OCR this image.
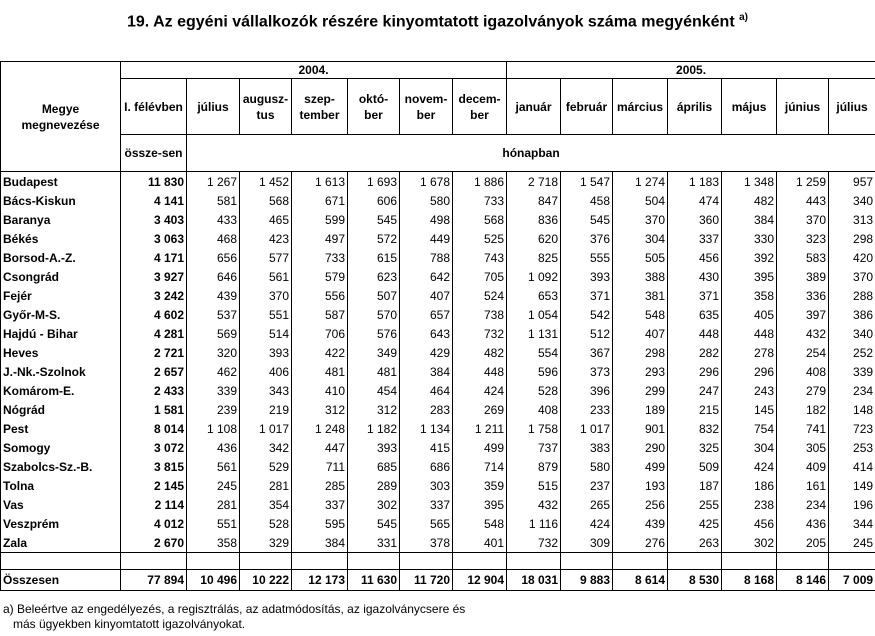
19. Az egyéni vállalkozók részére kinyomtatott igazolványok száma megyénként $^{a)}$
Megye megnevezése	2004.							2005.						
	I. félévben	július	augusz-tus	szep-tember	októ-ber	novem-ber	decem-ber	január	február	március	április	május	június	július
	össze-sen	hónapban												
Budapest	11 830	1 267	1 452	1 613	1 693	1 678	1 886	2 718	1 547	1 274	1 183	1 348	1 259	957
Bács-Kiskun	4 141	581	568	671	606	580	733	847	458	504	474	482	443	340
Baranya	3 403	433	465	599	545	498	568	836	545	370	360	384	370	313
Békés	3 063	468	423	497	572	449	525	620	376	304	337	330	323	298
Borsod-A.-Z.	4 171	656	577	733	615	788	743	825	555	505	456	392	583	420
Csongrád	3 927	646	561	579	623	642	705	1 092	393	388	430	395	389	370
Fejér	3 242	439	370	556	507	407	524	653	371	381	371	358	336	288
Győr-M-S.	4 602	537	551	587	570	657	738	1 054	542	548	635	405	397	386
Hajdú - Bihar	4 281	569	514	706	576	643	732	1 131	512	407	448	448	432	340
Heves	2 721	320	393	422	349	429	482	554	367	298	282	278	254	252
J.-Nk.-Szolnok	2 657	462	406	481	481	384	448	596	373	293	296	296	408	339
Komárom-E.	2 433	339	343	410	454	464	424	528	396	299	247	243	279	234
Nógrád	1 581	239	219	312	312	283	269	408	233	189	215	145	182	148
Pest	8 014	1 108	1 017	1 248	1 182	1 134	1 211	1 758	1 017	901	832	754	741	723
Somogy	3 072	436	342	447	393	415	499	737	383	290	325	304	305	253
Szabolcs-Sz.-B.	3 815	561	529	711	685	686	714	879	580	499	509	424	409	414
Tolna	2 145	245	281	285	289	303	359	515	237	193	187	186	161	149
Vas	2 114	281	354	337	302	337	395	432	265	256	255	238	234	196
Veszprém	4 012	551	528	595	545	565	548	1 116	424	439	425	456	436	344
Zala	2 670	358	329	384	331	378	401	732	309	276	263	302	205	245

Összesen	77 894	10 496	10 222	12 173	11 630	11 720	12 904	18 031	9 883	8 614	8 530	8 168	8 146	7 009
a) Beleértve az engedélyezés, a regisztrálás, az adatmódosítás, az igazolványcsere és
más ügyekben kinyomtatott igazolványokat.
